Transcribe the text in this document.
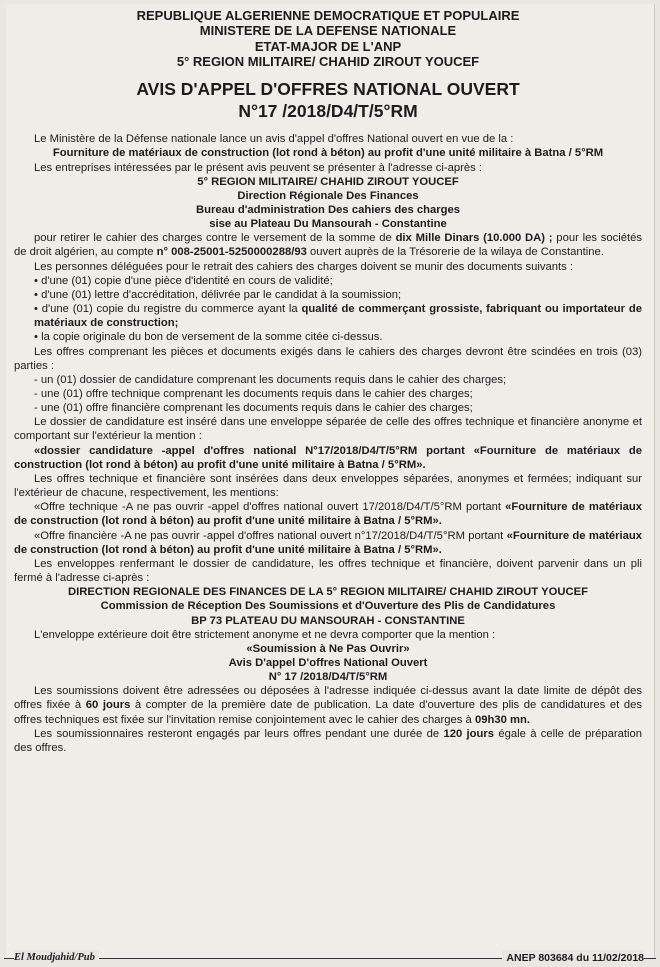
REPUBLIQUE ALGERIENNE DEMOCRATIQUE ET POPULAIRE
MINISTERE DE LA DEFENSE NATIONALE
ETAT-MAJOR DE L'ANP
5° REGION MILITAIRE/ CHAHID ZIROUT YOUCEF
AVIS D'APPEL D'OFFRES NATIONAL OUVERT
N°17 /2018/D4/T/5°RM

Le Ministère de la Défense nationale lance un avis d'appel d'offres National ouvert en vue de la :

Fourniture de matériaux de construction (lot rond à béton) au profit d'une unité militaire à Batna / 5°RM

Les entreprises intéressées par le présent avis peuvent se présenter à l'adresse ci-après :

5° REGION MILITAIRE/ CHAHID ZIROUT YOUCEF

Direction Régionale Des Finances

Bureau d'administration Des cahiers des charges

sise au Plateau Du Mansourah - Constantine

pour retirer le cahier des charges contre le versement de la somme de dix Mille Dinars (10.000 DA) ; pour les sociétés de droit algérien, au compte n° 008-25001-5250000288/93 ouvert auprès de la Trésorerie de la wilaya de Constantine.

Les personnes déléguées pour le retrait des cahiers des charges doivent se munir des documents suivants :

• d'une (01) copie d'une pièce d'identité en cours de validité;

• d'une (01) lettre d'accréditation, délivrée par le candidat à la soumission;

• d'une (01) copie du registre du commerce ayant la qualité de commerçant grossiste, fabriquant ou importateur de matériaux de construction;

• la copie originale du bon de versement de la somme citée ci-dessus.

Les offres comprenant les pièces et documents exigés dans le cahiers des charges devront être scindées en trois (03) parties :

- un (01) dossier de candidature comprenant les documents requis dans le cahier des charges;

- une (01) offre technique comprenant les documents requis dans le cahier des charges;

- une (01) offre financière comprenant les documents requis dans le cahier des charges;

Le dossier de candidature est inséré dans une enveloppe séparée de celle des offres technique et financière anonyme et comportant sur l'extérieur la mention :

«dossier candidature -appel d'offres national N°17/2018/D4/T/5°RM portant «Fourniture de matériaux de construction (lot rond à béton) au profit d'une unité militaire à Batna / 5°RM».

Les offres technique et financière sont insérées dans deux enveloppes séparées, anonymes et fermées; indiquant sur l'extérieur de chacune, respectivement, les mentions:

«Offre technique -A ne pas ouvrir -appel d'offres national ouvert 17/2018/D4/T/5°RM portant «Fourniture de matériaux de construction (lot rond à béton) au profit d'une unité militaire à Batna / 5°RM».

«Offre financière -A ne pas ouvrir -appel d'offres national ouvert n°17/2018/D4/T/5°RM portant «Fourniture de matériaux de construction (lot rond à béton) au profit d'une unité militaire à Batna / 5°RM».

Les enveloppes renfermant le dossier de candidature, les offres technique et financière, doivent parvenir dans un pli fermé à l'adresse ci-après :

DIRECTION REGIONALE DES FINANCES DE LA 5° REGION MILITAIRE/ CHAHID ZIROUT YOUCEF

Commission de Réception Des Soumissions et d'Ouverture des Plis de Candidatures

BP 73 PLATEAU DU MANSOURAH - CONSTANTINE

L'enveloppe extérieure doit être strictement anonyme et ne devra comporter que la mention :

«Soumission à Ne Pas Ouvrir»

Avis D'appel D'offres National Ouvert

N° 17 /2018/D4/T/5°RM

Les soumissions doivent être adressées ou déposées à l'adresse indiquée ci-dessus avant la date limite de dépôt des offres fixée à 60 jours à compter de la première date de publication. La date d'ouverture des plis de candidatures et des offres techniques est fixée sur l'invitation remise conjointement avec le cahier des charges à 09h30 mn.

Les soumissionnaires resteront engagés par leurs offres pendant une durée de 120 jours égale à celle de préparation des offres.

El Moudjahid/Pub	ANEP 803684 du 11/02/2018
